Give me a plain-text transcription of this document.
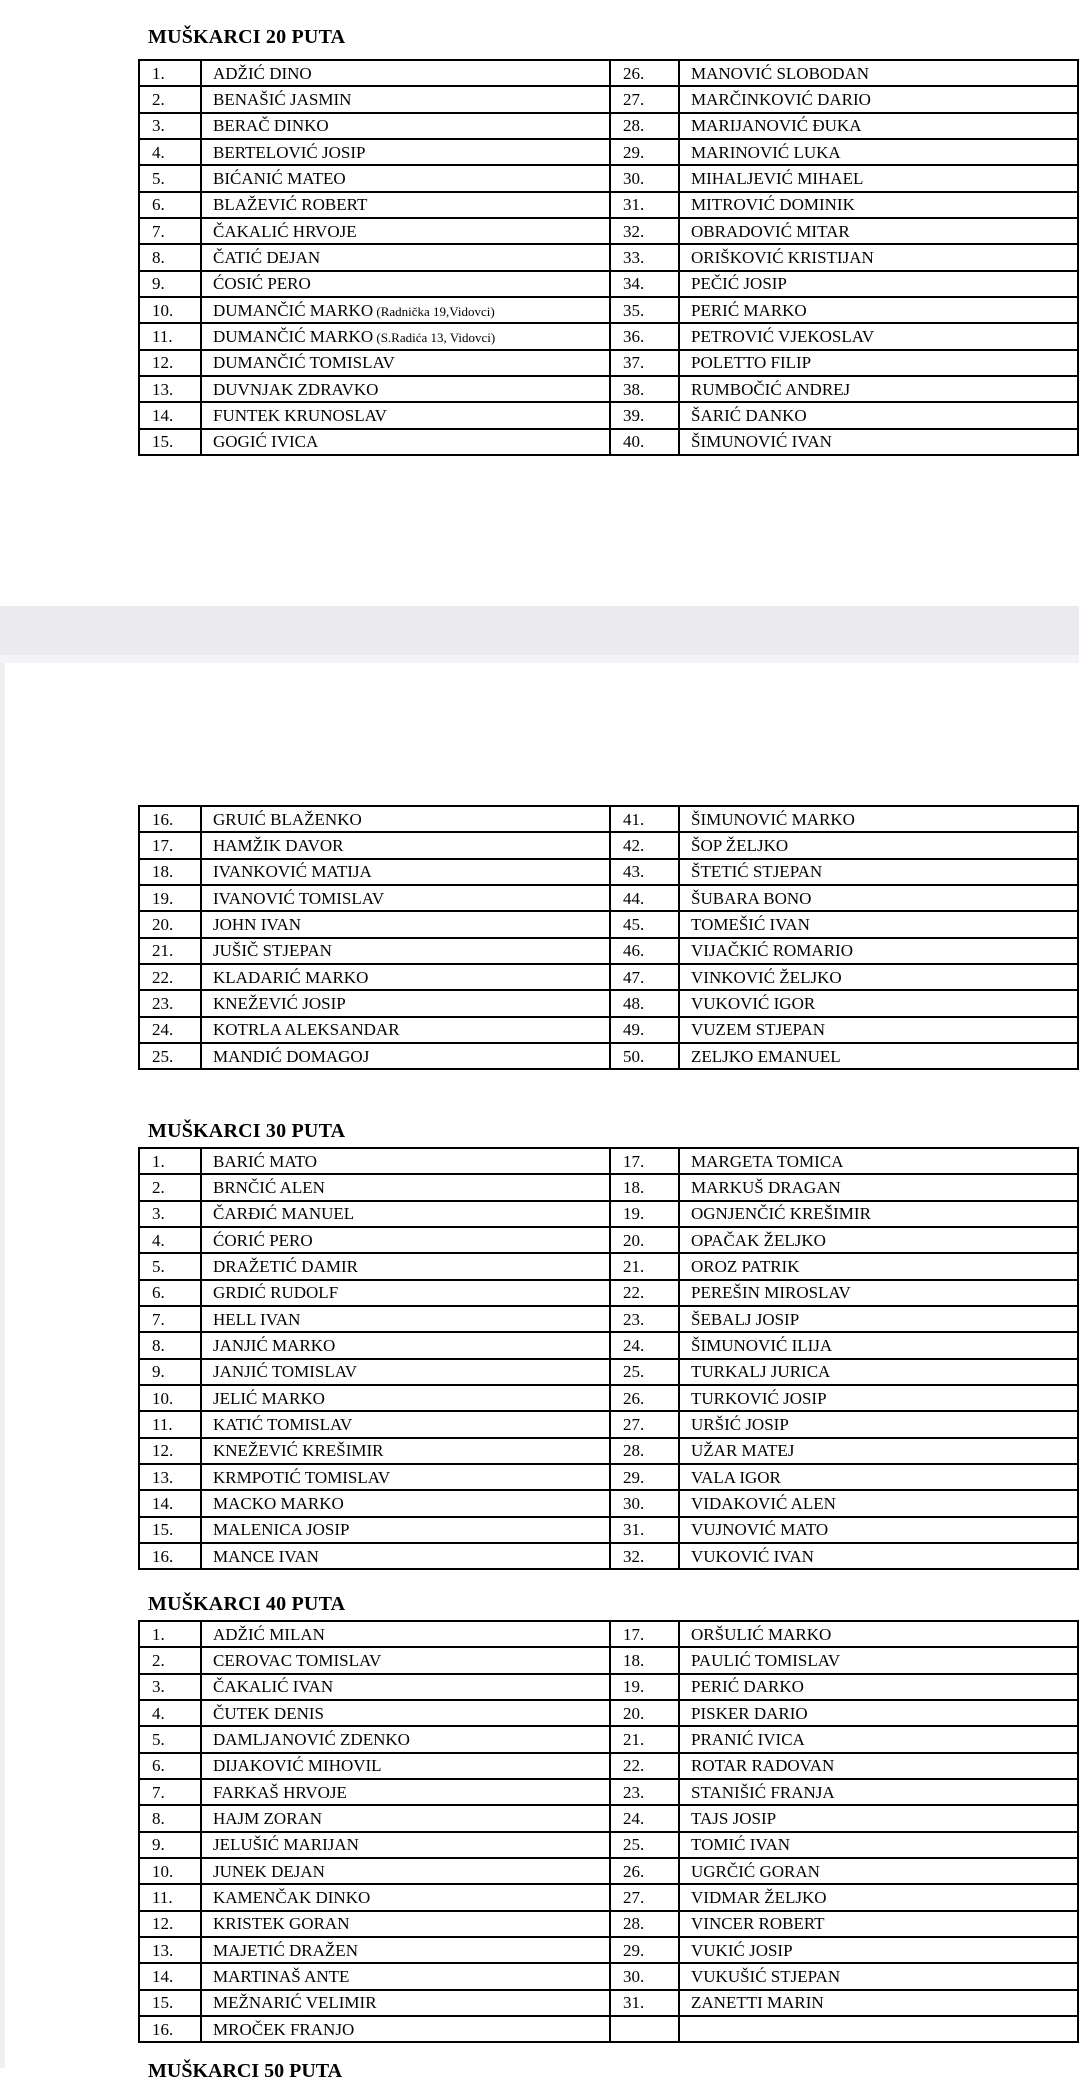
MUŠKARCI 20 PUTA
1.	ADŽIĆ DINO	26.	MANOVIĆ SLOBODAN
2.	BENAŠIĆ JASMIN	27.	MARČINKOVIĆ DARIO
3.	BERAČ DINKO	28.	MARIJANOVIĆ ĐUKA
4.	BERTELOVIĆ JOSIP	29.	MARINOVIĆ LUKA
5.	BIĆANIĆ MATEO	30.	MIHALJEVIĆ MIHAEL
6.	BLAŽEVIĆ ROBERT	31.	MITROVIĆ DOMINIK
7.	ČAKALIĆ HRVOJE	32.	OBRADOVIĆ MITAR
8.	ČATIĆ DEJAN	33.	ORIŠKOVIĆ KRISTIJAN
9.	ĆOSIĆ PERO	34.	PEČIĆ JOSIP
10.	DUMANČIĆ MARKO (Radnička 19,Vidovci)	35.	PERIĆ MARKO
11.	DUMANČIĆ MARKO (S.Radića 13, Vidovci)	36.	PETROVIĆ VJEKOSLAV
12.	DUMANČIĆ TOMISLAV	37.	POLETTO FILIP
13.	DUVNJAK ZDRAVKO	38.	RUMBOČIĆ ANDREJ
14.	FUNTEK KRUNOSLAV	39.	ŠARIĆ DANKO
15.	GOGIĆ IVICA	40.	ŠIMUNOVIĆ IVAN
16.	GRUIĆ BLAŽENKO	41.	ŠIMUNOVIĆ MARKO
17.	HAMŽIK DAVOR	42.	ŠOP ŽELJKO
18.	IVANKOVIĆ MATIJA	43.	ŠTETIĆ STJEPAN
19.	IVANOVIĆ TOMISLAV	44.	ŠUBARA BONO
20.	JOHN IVAN	45.	TOMEŠIĆ IVAN
21.	JUŠIČ STJEPAN	46.	VIJAČKIĆ ROMARIO
22.	KLADARIĆ MARKO	47.	VINKOVIĆ ŽELJKO
23.	KNEŽEVIĆ JOSIP	48.	VUKOVIĆ IGOR
24.	KOTRLA ALEKSANDAR	49.	VUZEM STJEPAN
25.	MANDIĆ DOMAGOJ	50.	ZELJKO EMANUEL
MUŠKARCI 30 PUTA
1.	BARIĆ MATO	17.	MARGETA TOMICA
2.	BRNČIĆ ALEN	18.	MARKUŠ DRAGAN
3.	ČARĐIĆ MANUEL	19.	OGNJENČIĆ KREŠIMIR
4.	ĆORIĆ PERO	20.	OPAČAK ŽELJKO
5.	DRAŽETIĆ DAMIR	21.	OROZ PATRIK
6.	GRDIĆ RUDOLF	22.	PEREŠIN MIROSLAV
7.	HELL IVAN	23.	ŠEBALJ JOSIP
8.	JANJIĆ MARKO	24.	ŠIMUNOVIĆ ILIJA
9.	JANJIĆ TOMISLAV	25.	TURKALJ JURICA
10.	JELIĆ MARKO	26.	TURKOVIĆ JOSIP
11.	KATIĆ TOMISLAV	27.	URŠIĆ JOSIP
12.	KNEŽEVIĆ KREŠIMIR	28.	UŽAR MATEJ
13.	KRMPOTIĆ TOMISLAV	29.	VALA IGOR
14.	MACKO MARKO	30.	VIDAKOVIĆ ALEN
15.	MALENICA JOSIP	31.	VUJNOVIĆ MATO
16.	MANCE IVAN	32.	VUKOVIĆ IVAN
MUŠKARCI 40 PUTA
1.	ADŽIĆ MILAN	17.	ORŠULIĆ MARKO
2.	CEROVAC TOMISLAV	18.	PAULIĆ TOMISLAV
3.	ČAKALIĆ IVAN	19.	PERIĆ DARKO
4.	ČUTEK DENIS	20.	PISKER DARIO
5.	DAMLJANOVIĆ ZDENKO	21.	PRANIĆ IVICA
6.	DIJAKOVIĆ MIHOVIL	22.	ROTAR RADOVAN
7.	FARKAŠ HRVOJE	23.	STANIŠIĆ FRANJA
8.	HAJM ZORAN	24.	TAJS JOSIP
9.	JELUŠIĆ MARIJAN	25.	TOMIĆ IVAN
10.	JUNEK DEJAN	26.	UGRČIĆ GORAN
11.	KAMENČAK DINKO	27.	VIDMAR ŽELJKO
12.	KRISTEK GORAN	28.	VINCER ROBERT
13.	MAJETIĆ DRAŽEN	29.	VUKIĆ JOSIP
14.	MARTINAŠ ANTE	30.	VUKUŠIĆ STJEPAN
15.	MEŽNARIĆ VELIMIR	31.	ZANETTI MARIN
16.	MROČEK FRANJO		
MUŠKARCI 50 PUTA
